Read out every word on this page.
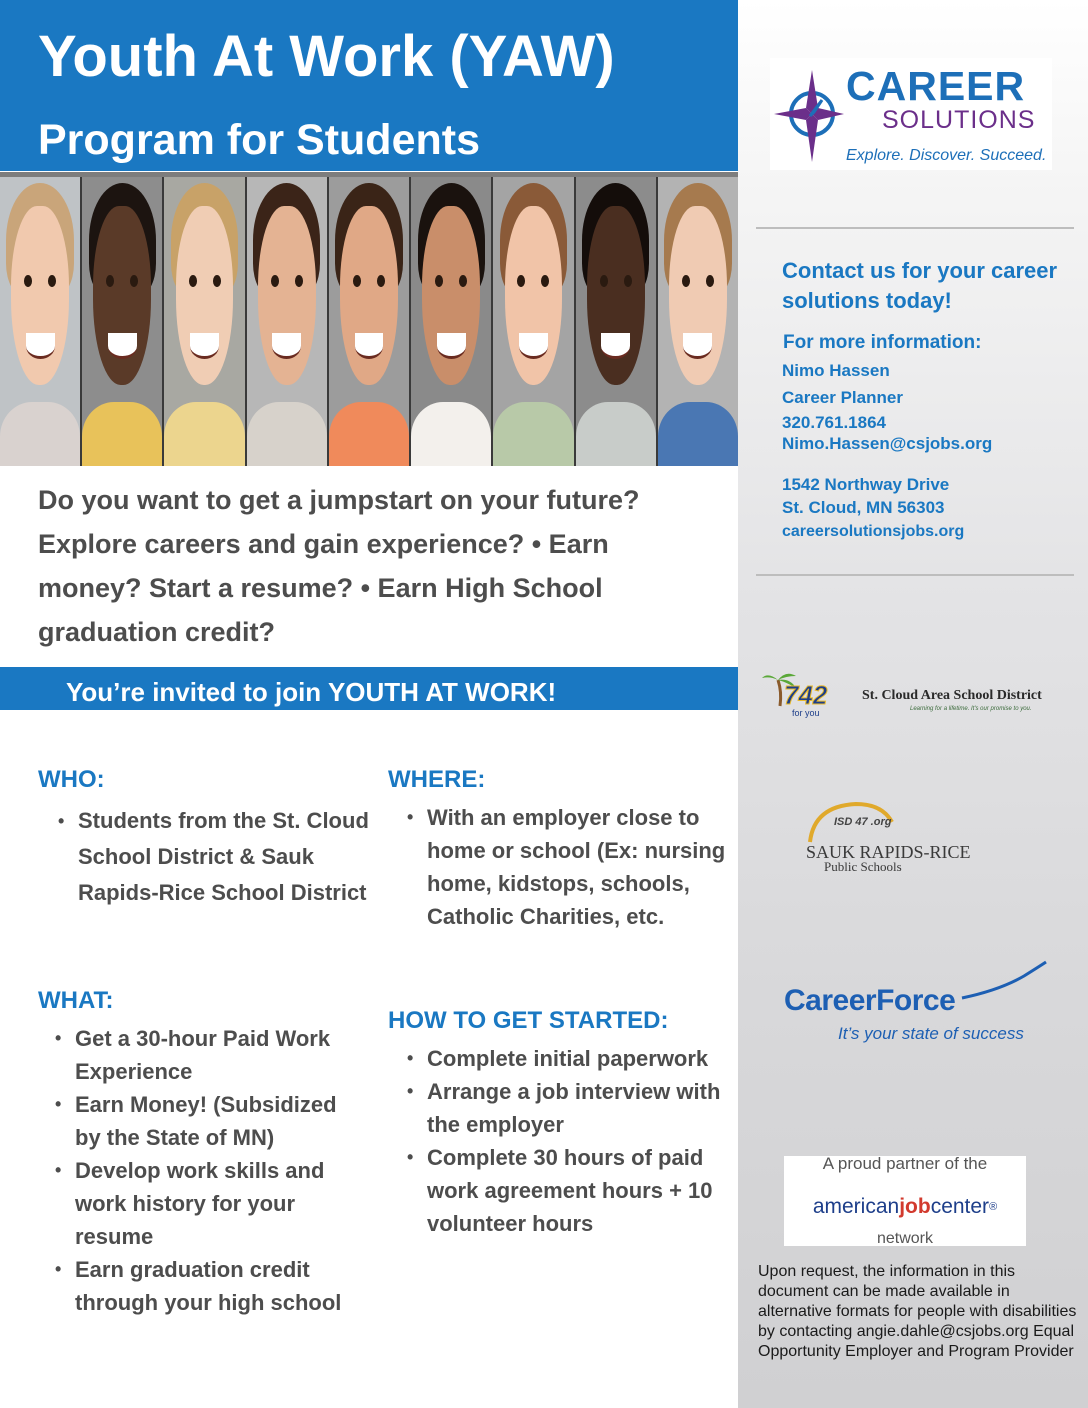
Youth At Work (YAW)
Program for Students
Do you want to get a jumpstart on your future? Explore careers and gain experience? • Earn money? Start a resume? • Earn High School graduation credit?
You’re invited to join YOUTH AT WORK!
WHO:
• Students from the St. Cloud School District & Sauk Rapids-Rice School District
WHAT:
• Get a 30-hour Paid Work Experience
• Earn Money! (Subsidized by the State of MN)
• Develop work skills and work history for your resume
• Earn graduation credit through your high school
WHERE:
• With an employer close to home or school (Ex: nursing home, kidstops, schools, Catholic Charities, etc.
HOW TO GET STARTED:
• Complete initial paperwork
• Arrange a job interview with the employer
• Complete 30 hours of paid work agreement hours + 10 volunteer hours
CAREER
SOLUTIONS
Explore. Discover. Succeed.
Contact us for your career solutions today!
For more information:
Nimo Hassen
Career Planner
320.761.1864
Nimo.Hassen@csjobs.org
1542 Northway Drive
St. Cloud, MN 56303
careersolutionsjobs.org
742
for you
St. Cloud Area School District
Learning for a lifetime. It's our promise to you.
ISD 47 .org
SAUK RAPIDS-RICE
Public Schools
CareerForce
It’s your state of success
A proud partner of the
americanjobcenter®
network
Upon request, the information in this document can be made available in alternative formats for people with disabilities by contacting angie.dahle@csjobs.org Equal Opportunity Employer and Program Provider
